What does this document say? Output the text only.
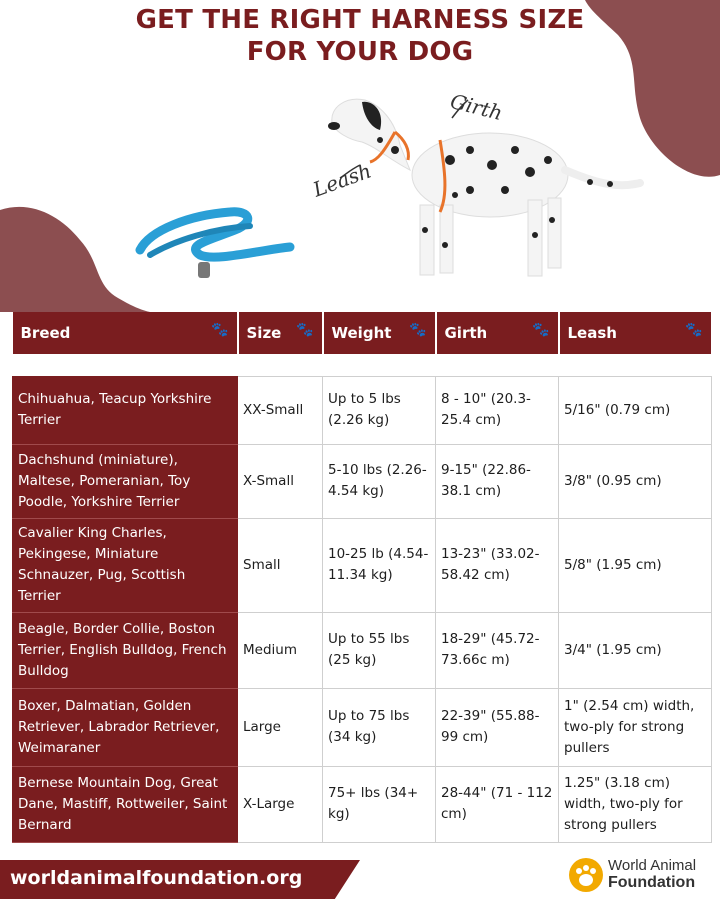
GET THE RIGHT HARNESS SIZE
FOR YOUR DOG
Girth
Leash
Breed 🐾	Size 🐾	Weight 🐾	Girth 🐾	Leash 🐾

Chihuahua, Teacup Yorkshire Terrier	XX-Small	Up to 5 lbs (2.26 kg)	8 - 10" (20.3-25.4 cm)	5/16" (0.79 cm)
Dachshund (miniature), Maltese, Pomeranian, Toy Poodle, Yorkshire Terrier	X-Small	5-10 lbs (2.26-4.54 kg)	9-15" (22.86-38.1 cm)	3/8" (0.95 cm)
Cavalier King Charles, Pekingese, Miniature Schnauzer, Pug, Scottish Terrier	Small	10-25 lb (4.54-11.34 kg)	13-23" (33.02-58.42 cm)	5/8" (1.95 cm)
Beagle, Border Collie, Boston Terrier, English Bulldog, French Bulldog	Medium	Up to 55 lbs (25 kg)	18-29" (45.72-73.66c m)	3/4" (1.95 cm)
Boxer, Dalmatian, Golden Retriever, Labrador Retriever, Weimaraner	Large	Up to 75 lbs (34 kg)	22-39" (55.88-99 cm)	1" (2.54 cm) width, two-ply for strong pullers
Bernese Mountain Dog, Great Dane, Mastiff, Rottweiler, Saint Bernard	X-Large	75+ lbs (34+ kg)	28-44" (71 - 112 cm)	1.25" (3.18 cm) width, two-ply for strong pullers
worldanimalfoundation.org
World Animal
Foundation
